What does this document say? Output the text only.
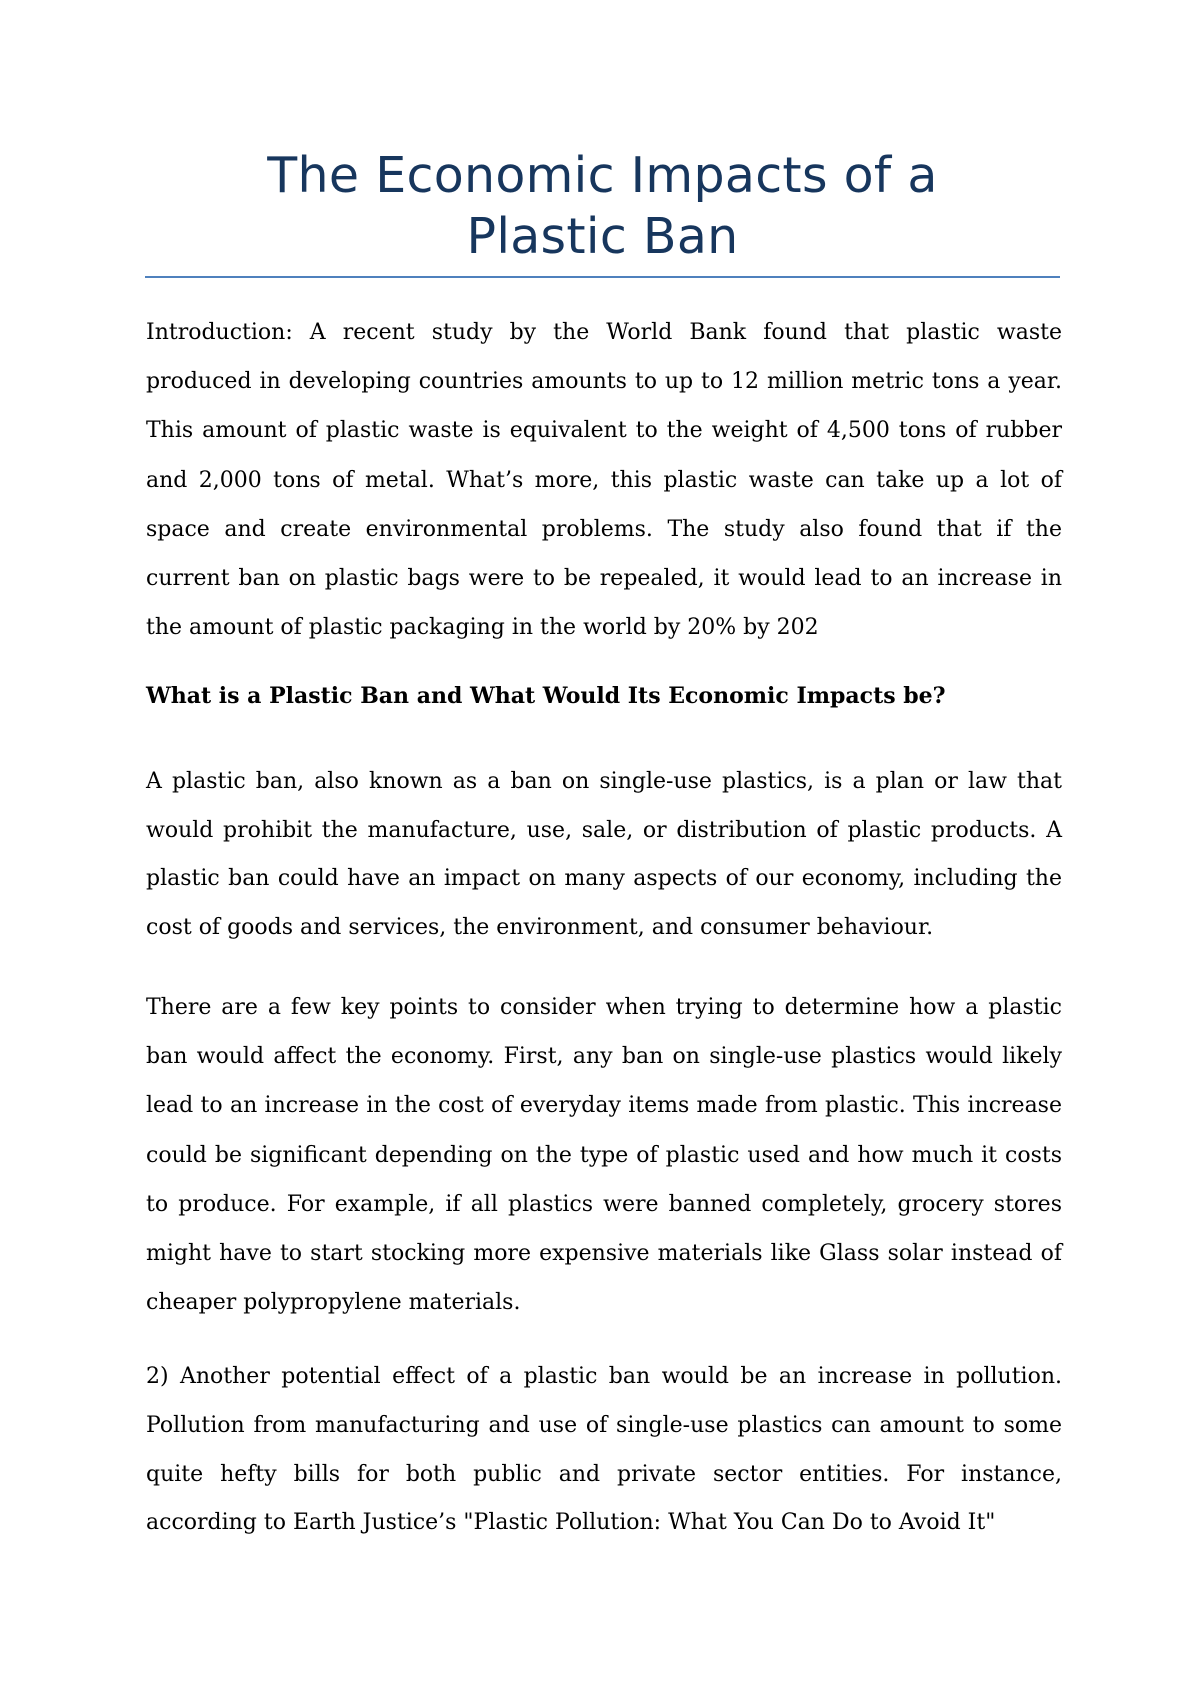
The Economic Impacts of a
Plastic Ban

Introduction: A recent study by the World Bank found that plastic waste produced in developing countries amounts to up to 12 million metric tons a year. This amount of plastic waste is equivalent to the weight of 4,500 tons of rubber and 2,000 tons of metal. What’s more, this plastic waste can take up a lot of space and create environmental problems. The study also found that if the current ban on plastic bags were to be repealed, it would lead to an increase in the amount of plastic packaging in the world by 20% by 202

What is a Plastic Ban and What Would Its Economic Impacts be?

A plastic ban, also known as a ban on single-use plastics, is a plan or law that would prohibit the manufacture, use, sale, or distribution of plastic products. A plastic ban could have an impact on many aspects of our economy, including the cost of goods and services, the environment, and consumer behaviour.

There are a few key points to consider when trying to determine how a plastic ban would affect the economy. First, any ban on single-use plastics would likely lead to an increase in the cost of everyday items made from plastic. This increase could be significant depending on the type of plastic used and how much it costs to produce. For example, if all plastics were banned completely, grocery stores might have to start stocking more expensive materials like Glass solar instead of cheaper polypropylene materials.

2) Another potential effect of a plastic ban would be an increase in pollution. Pollution from manufacturing and use of single-use plastics can amount to some quite hefty bills for both public and private sector entities. For instance, according to Earth Justice’s "Plastic Pollution: What You Can Do to Avoid It"
